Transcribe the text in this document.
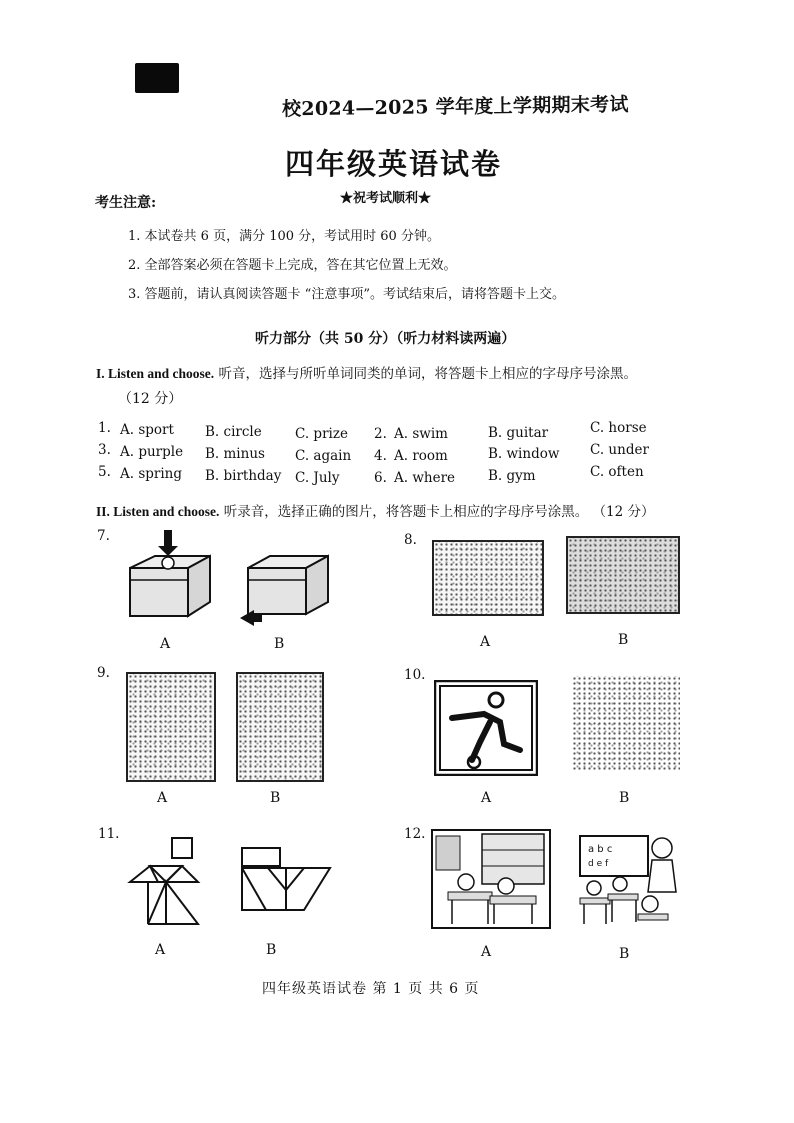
校2024—2025 学年度上学期期末考试
四年级英语试卷
考生注意:	★祝考试顺利★
1. 本试卷共 6 页，满分 100 分，考试用时 60 分钟。
2. 全部答案必须在答题卡上完成，答在其它位置上无效。
3. 答题前，请认真阅读答题卡 “注意事项”。考试结束后，请将答题卡上交。
听力部分（共 50 分）（听力材料读两遍）
I. Listen and choose. 听音，选择与所听单词同类的单词，将答题卡上相应的字母序号涂黑。
（12 分）
1. A. sport B. circle C. prize 2. A. swim	B. guitar	C. horse
3. A. purple B. minus C. again 4. A. room	B. window C. under
5. A. spring B. birthday C. July	6. A. where B. gym	C. often
II. Listen and choose. 听录音，选择正确的图片，将答题卡上相应的字母序号涂黑。 （12 分）
7.
A	B
8.
A	B
9.
A	B
10.
A	B
11.
A	B
12.
a b c
d e f
A	B
四年级英语试卷 第 1 页 共 6 页
